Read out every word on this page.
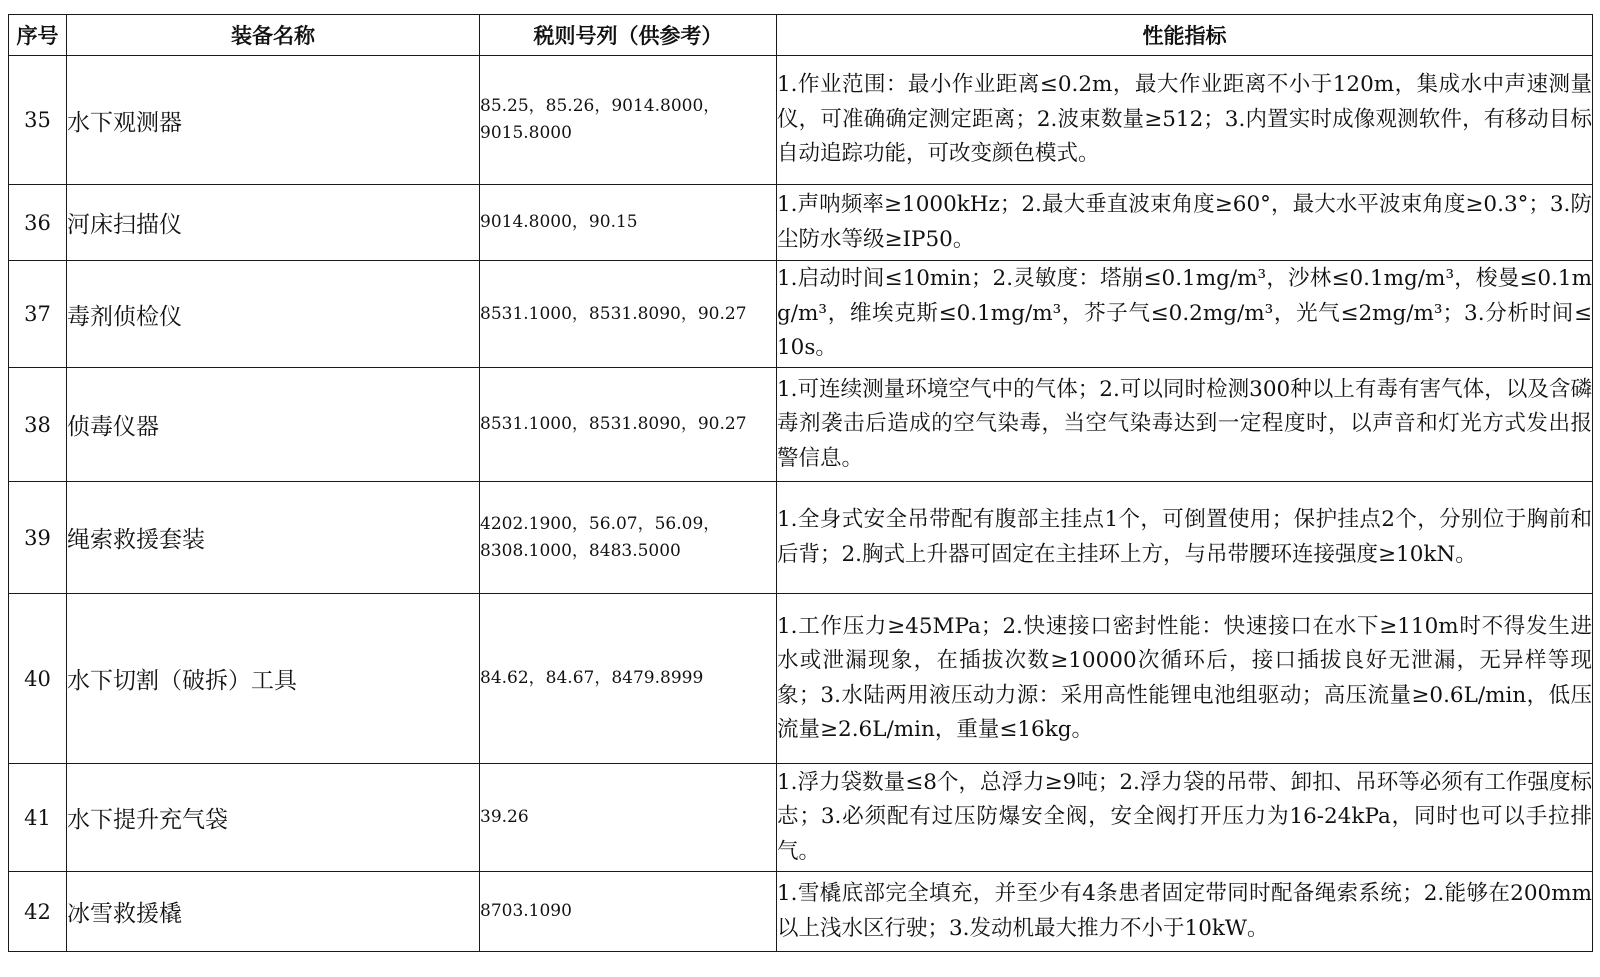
序号	装备名称	税则号列（供参考）	性能指标
35	水下观测器	85.25，85.26，9014.8000，9015.8000	1.作业范围：最小作业距离≤0.2m，最大作业距离不小于120m，集成水中声速测量仪，可准确确定测定距离；2.波束数量≥512；3.内置实时成像观测软件，有移动目标自动追踪功能，可改变颜色模式。
36	河床扫描仪	9014.8000，90.15	1.声呐频率≥1000kHz；2.最大垂直波束角度≥60°，最大水平波束角度≥0.3°；3.防尘防水等级≥IP50。
37	毒剂侦检仪	8531.1000，8531.8090，90.27	1.启动时间≤10min；2.灵敏度：塔崩≤0.1mg/m³，沙林≤0.1mg/m³，梭曼≤0.1mg/m³，维埃克斯≤0.1mg/m³，芥子气≤0.2mg/m³，光气≤2mg/m³；3.分析时间≤10s。
38	侦毒仪器	8531.1000，8531.8090，90.27	1.可连续测量环境空气中的气体；2.可以同时检测300种以上有毒有害气体，以及含磷毒剂袭击后造成的空气染毒，当空气染毒达到一定程度时，以声音和灯光方式发出报警信息。
39	绳索救援套装	4202.1900，56.07，56.09，8308.1000，8483.5000	1.全身式安全吊带配有腹部主挂点1个，可倒置使用；保护挂点2个，分别位于胸前和后背；2.胸式上升器可固定在主挂环上方，与吊带腰环连接强度≥10kN。
40	水下切割（破拆）工具	84.62，84.67，8479.8999	1.工作压力≥45MPa；2.快速接口密封性能：快速接口在水下≥110m时不得发生进水或泄漏现象，在插拔次数≥10000次循环后，接口插拔良好无泄漏，无异样等现象；3.水陆两用液压动力源：采用高性能锂电池组驱动；高压流量≥0.6L/min，低压流量≥2.6L/min，重量≤16kg。
41	水下提升充气袋	39.26	1.浮力袋数量≤8个，总浮力≥9吨；2.浮力袋的吊带、卸扣、吊环等必须有工作强度标志；3.必须配有过压防爆安全阀，安全阀打开压力为16-24kPa，同时也可以手拉排气。
42	冰雪救援橇	8703.1090	1.雪橇底部完全填充，并至少有4条患者固定带同时配备绳索系统；2.能够在200mm以上浅水区行驶；3.发动机最大推力不小于10kW。
